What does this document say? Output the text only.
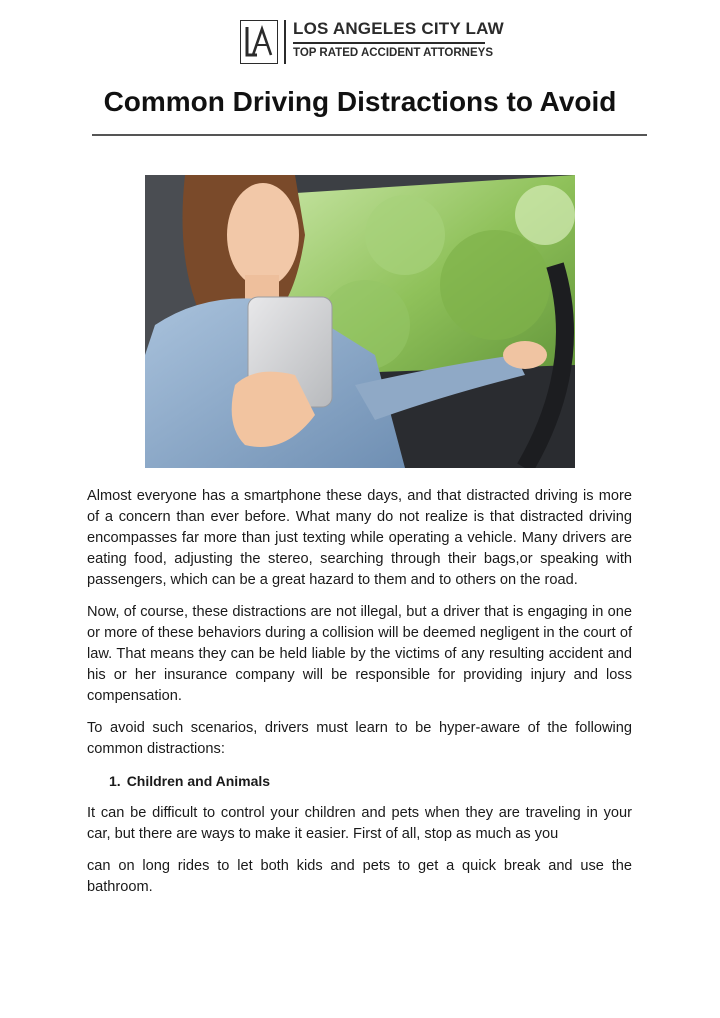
LOS ANGELES CITY LAW
TOP RATED ACCIDENT ATTORNEYS
Common Driving Distractions to Avoid

Almost everyone has a smartphone these days, and that distracted driving is more of a concern than ever before. What many do not realize is that distracted driving encompasses far more than just texting while operating a vehicle. Many drivers are eating food, adjusting the stereo, searching through their bags,or speaking with passengers, which can be a great hazard to them and to others on the road.

Now, of course, these distractions are not illegal, but a driver that is engaging in one or more of these behaviors during a collision will be deemed negligent in the court of law. That means they can be held liable by the victims of any resulting accident and his or her insurance company will be responsible for providing injury and loss compensation.

To avoid such scenarios, drivers must learn to be hyper-aware of the following common distractions:

1. Children and Animals

It can be difficult to control your children and pets when they are traveling in your car, but there are ways to make it easier. First of all, stop as much as you

can on long rides to let both kids and pets to get a quick break and use the bathroom.
